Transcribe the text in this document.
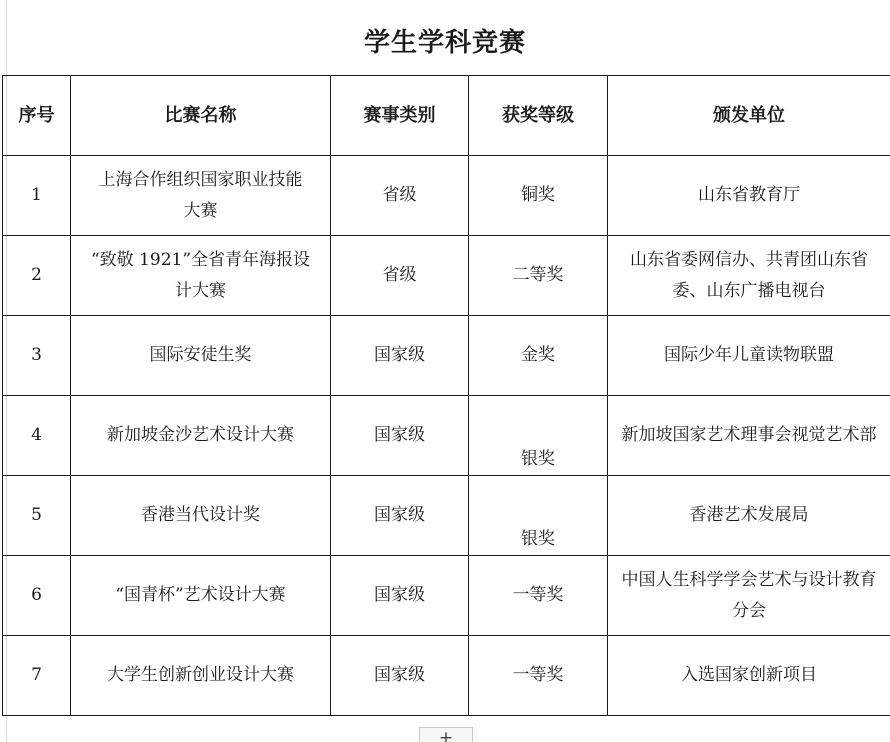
学生学科竞赛
序号	比赛名称	赛事类别	获奖等级	颁发单位
1	上海合作组织国家职业技能大赛	省级	铜奖	山东省教育厅
2	“致敬 1921”全省青年海报设计大赛	省级	二等奖	山东省委网信办、共青团山东省委、山东广播电视台
3	国际安徒生奖	国家级	金奖	国际少年儿童读物联盟
4	新加坡金沙艺术设计大赛	国家级	银奖	新加坡国家艺术理事会视觉艺术部
5	香港当代设计奖	国家级	银奖	香港艺术发展局
6	“国青杯”艺术设计大赛	国家级	一等奖	中国人生科学学会艺术与设计教育分会
7	大学生创新创业设计大赛	国家级	一等奖	入选国家创新项目
+
